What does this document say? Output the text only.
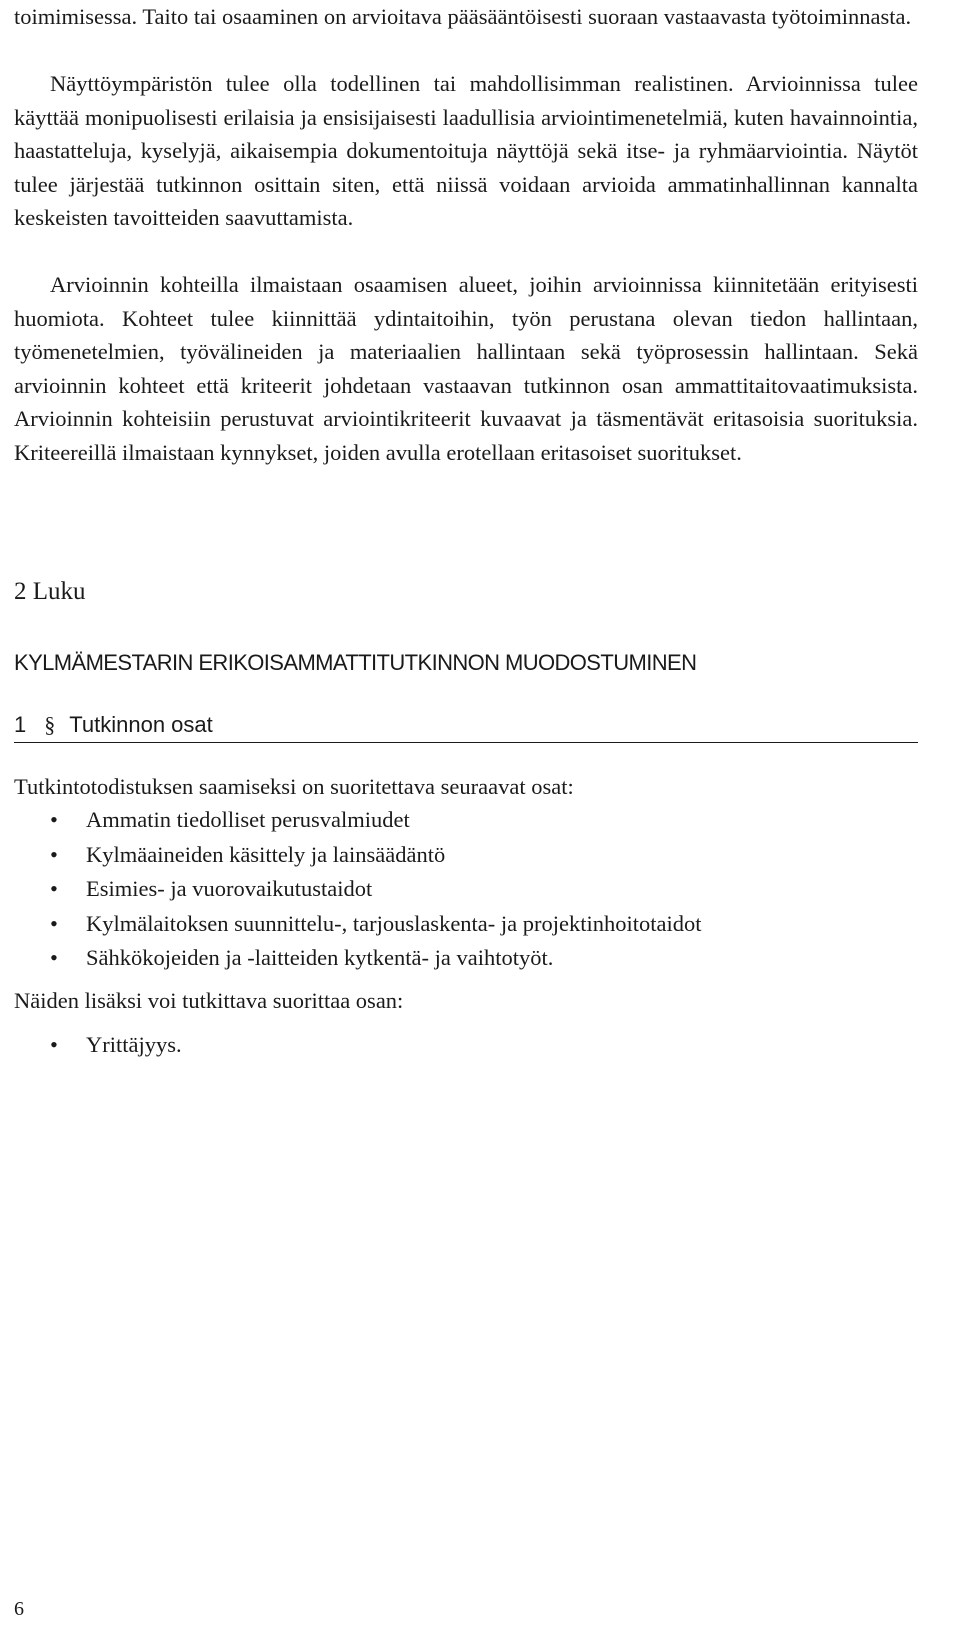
toimimisessa. Taito tai osaaminen on arvioitava pääsääntöisesti suoraan vastaavasta työtoiminnasta.

Näyttöympäristön tulee olla todellinen tai mahdollisimman realistinen. Arvioinnissa tulee käyttää monipuolisesti erilaisia ja ensisijaisesti laadullisia arviointimenetelmiä, kuten havainnointia, haastatteluja, kyselyjä, aikaisempia dokumentoituja näyttöjä sekä itse- ja ryhmäarviointia. Näytöt tulee järjestää tutkinnon osittain siten, että niissä voidaan arvioida ammatinhallinnan kannalta keskeisten tavoitteiden saavuttamista.

Arvioinnin kohteilla ilmaistaan osaamisen alueet, joihin arvioinnissa kiinnitetään erityisesti huomiota. Kohteet tulee kiinnittää ydintaitoihin, työn perustana olevan tiedon hallintaan, työmenetelmien, työvälineiden ja materiaalien hallintaan sekä työprosessin hallintaan. Sekä arvioinnin kohteet että kriteerit johdetaan vastaavan tutkinnon osan ammattitaitovaatimuksista. Arvioinnin kohteisiin perustuvat arviointikriteerit kuvaavat ja täsmentävät eritasoisia suorituksia. Kriteereillä ilmaistaan kynnykset, joiden avulla erotellaan eritasoiset suoritukset.

2 Luku
KYLMÄMESTARIN ERIKOISAMMATTITUTKINNON MUODOSTUMINEN
1 § Tutkinnon osat

Tutkintotodistuksen saamiseksi on suoritettava seuraavat osat:

• Ammatin tiedolliset perusvalmiudet
• Kylmäaineiden käsittely ja lainsäädäntö
• Esimies- ja vuorovaikutustaidot
• Kylmälaitoksen suunnittelu-, tarjouslaskenta- ja projektinhoitotaidot
• Sähkökojeiden ja -laitteiden kytkentä- ja vaihtotyöt.

Näiden lisäksi voi tutkittava suorittaa osan:

• Yrittäjyys.

6
